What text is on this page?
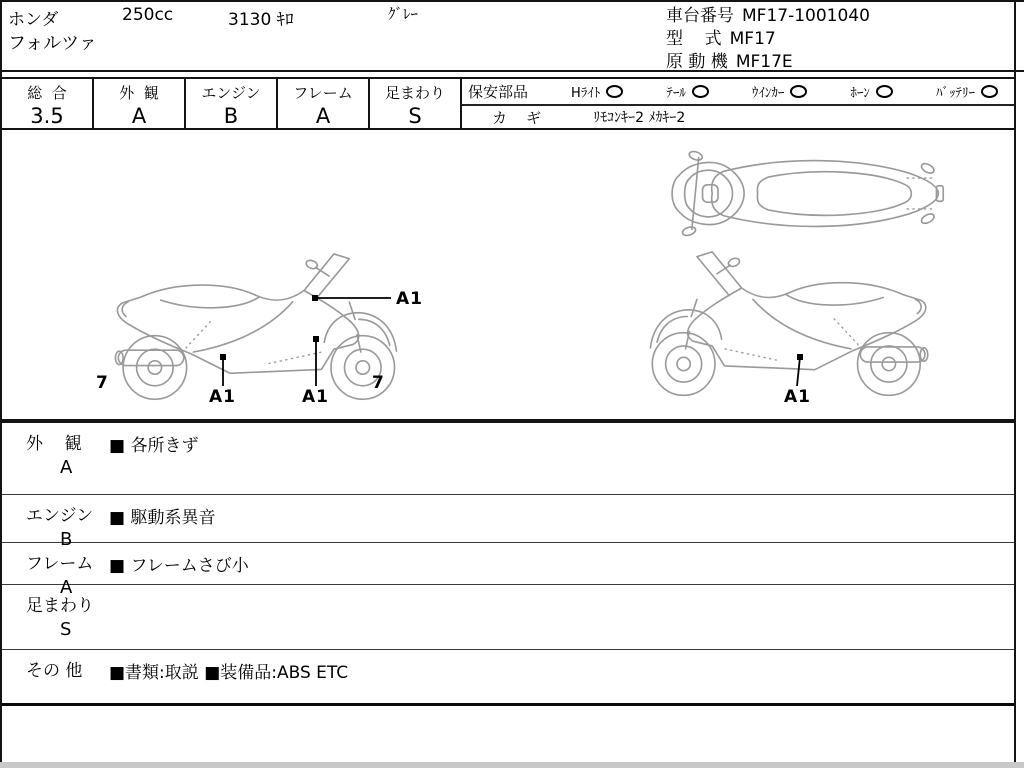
ホンダ	250cc	3130 ｷﾛ	ｸﾞﾚｰ
フォルツァ
車台番号 MF17-1001040
型    式 MF17
原 動 機 MF17E
総  合
3.5
外  観
A
エンジン
B
フレーム
A
足まわり
S
保安部品	Hﾗｲﾄ	ﾃｰﾙ	ｳｲﾝｶｰ	ﾎｰﾝ	ﾊﾞｯﾃﾘｰ
カ    ギ	ﾘﾓｺﾝｷｰ2 ﾒｶｷｰ2
7	7
A1	A1
A1
A1
外    観
A
■ 各所きず
エンジン
B
■ 駆動系異音
フレーム
A
■ フレームさび小
足まわり
S
その 他	■書類:取説 ■装備品:ABS ETC
